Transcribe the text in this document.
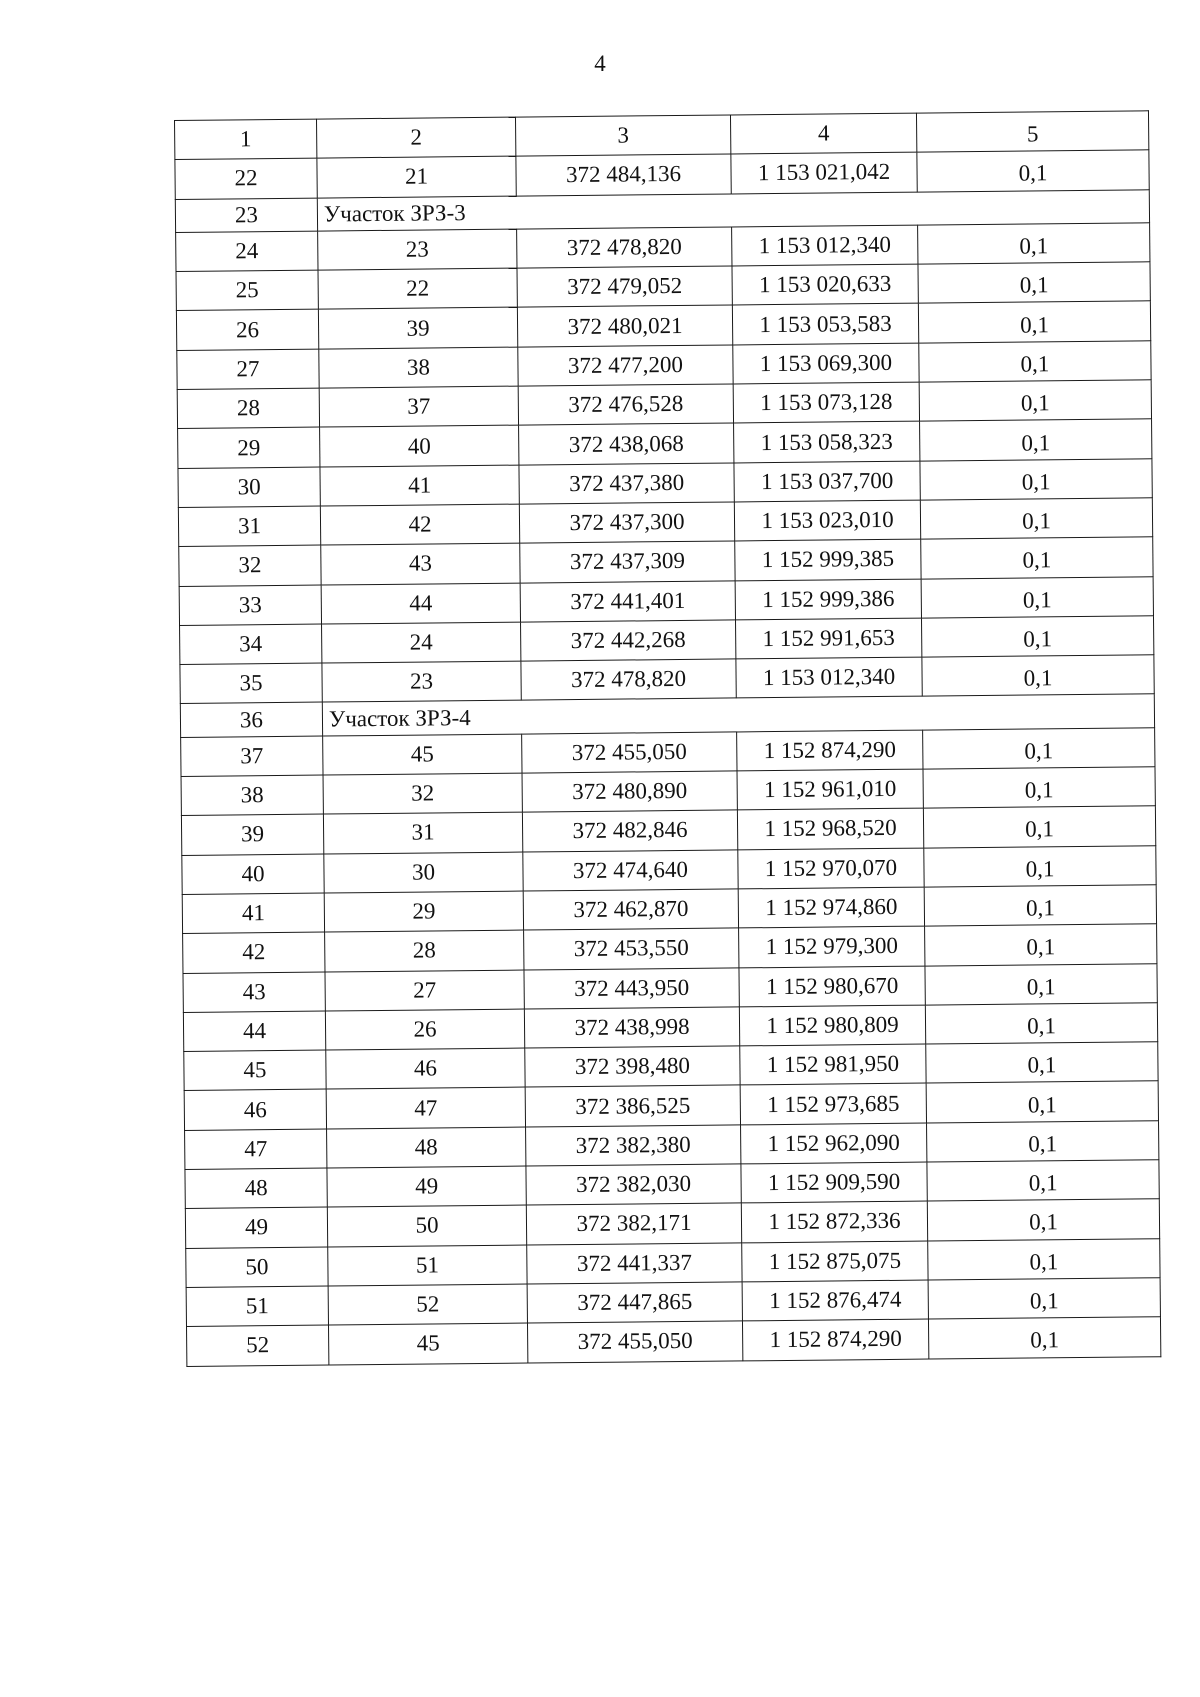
4
1	2	3	4	5
22	21	372 484,136	1 153 021,042	0,1
23	Участок ЗРЗ-3			
24	23	372 478,820	1 153 012,340	0,1
25	22	372 479,052	1 153 020,633	0,1
26	39	372 480,021	1 153 053,583	0,1
27	38	372 477,200	1 153 069,300	0,1
28	37	372 476,528	1 153 073,128	0,1
29	40	372 438,068	1 153 058,323	0,1
30	41	372 437,380	1 153 037,700	0,1
31	42	372 437,300	1 153 023,010	0,1
32	43	372 437,309	1 152 999,385	0,1
33	44	372 441,401	1 152 999,386	0,1
34	24	372 442,268	1 152 991,653	0,1
35	23	372 478,820	1 153 012,340	0,1
36	Участок ЗРЗ-4			
37	45	372 455,050	1 152 874,290	0,1
38	32	372 480,890	1 152 961,010	0,1
39	31	372 482,846	1 152 968,520	0,1
40	30	372 474,640	1 152 970,070	0,1
41	29	372 462,870	1 152 974,860	0,1
42	28	372 453,550	1 152 979,300	0,1
43	27	372 443,950	1 152 980,670	0,1
44	26	372 438,998	1 152 980,809	0,1
45	46	372 398,480	1 152 981,950	0,1
46	47	372 386,525	1 152 973,685	0,1
47	48	372 382,380	1 152 962,090	0,1
48	49	372 382,030	1 152 909,590	0,1
49	50	372 382,171	1 152 872,336	0,1
50	51	372 441,337	1 152 875,075	0,1
51	52	372 447,865	1 152 876,474	0,1
52	45	372 455,050	1 152 874,290	0,1
